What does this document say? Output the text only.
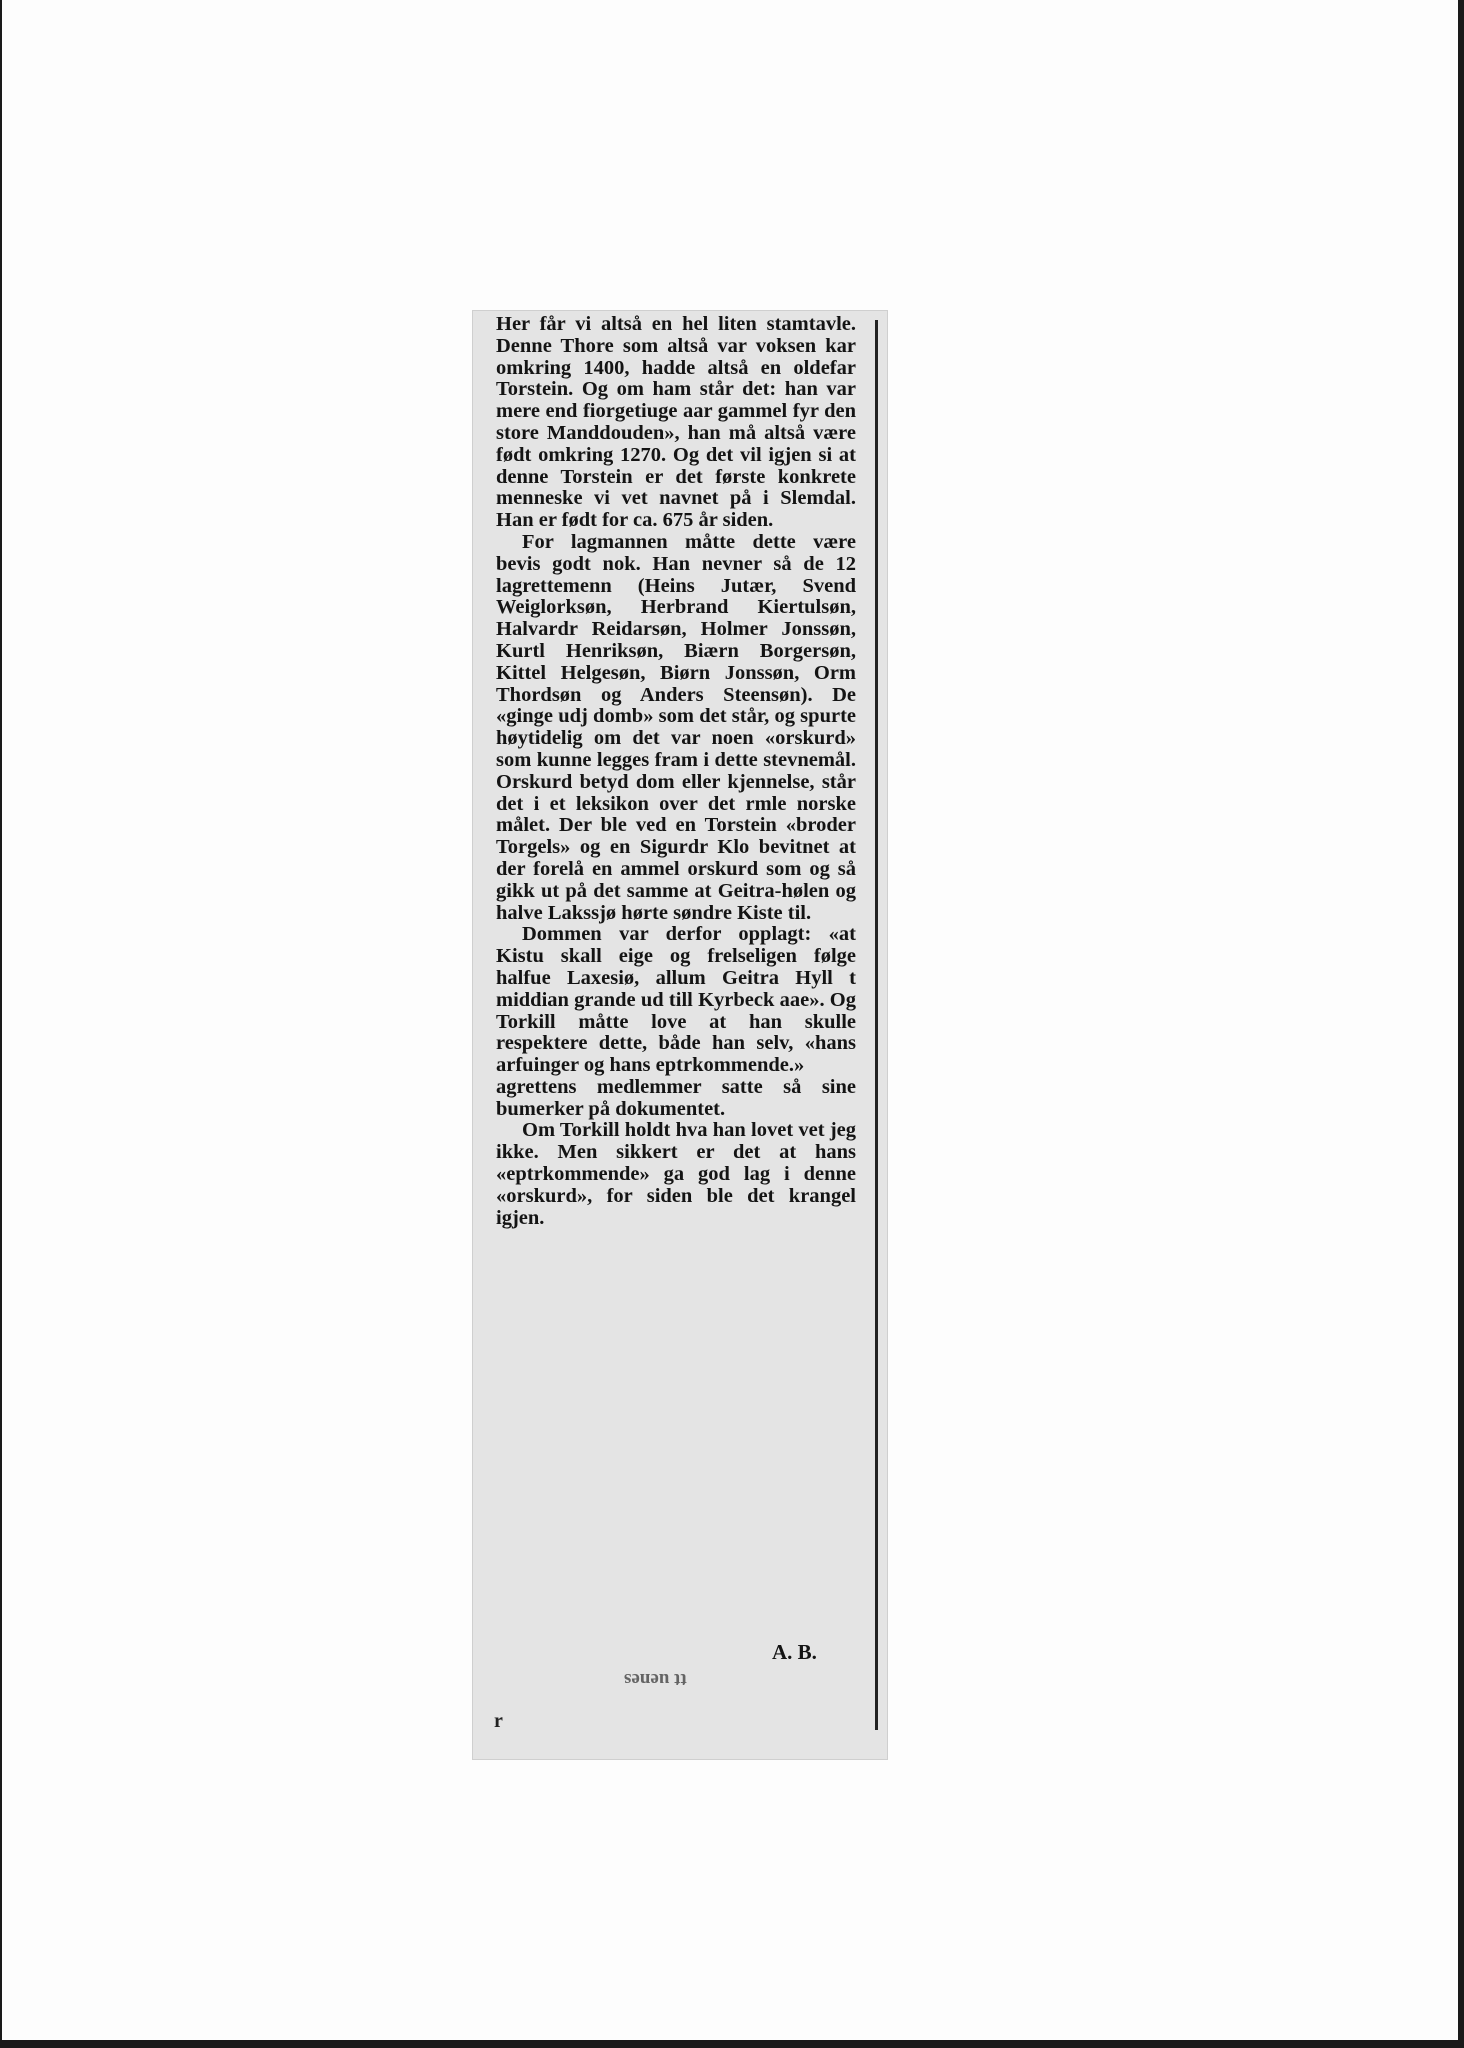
Her får vi altså en hel liten stamtavle. Denne Thore som altså var voksen kar omkring 1400, hadde altså en oldefar Torstein. Og om ham står det: han var mere end fiorgetiuge aar gammel fyr den store Manddouden», han må altså være født omkring 1270. Og det vil igjen si at denne Torstein er det første konkrete menneske vi vet navnet på i Slemdal. Han er født for ca. 675 år siden.

For lagmannen måtte dette være bevis godt nok. Han nevner så de 12 lagrettemenn (Heins Jutær, Svend Weiglorksøn, Herbrand Kiertulsøn, Halvardr Reidarsøn, Holmer Jonssøn, Kurtl Henriksøn, Biærn Borgersøn, Kittel Helgesøn, Biørn Jonssøn, Orm Thordsøn og Anders Steensøn). De «ginge udj domb» som det står, og spurte høytidelig om det var noen «orskurd» som kunne legges fram i dette stevnemål. Orskurd betyd dom eller kjennelse, står det i et leksikon over det rmle norske målet. Der ble ved en Torstein «broder Torgels» og en Sigurdr Klo bevitnet at der forelå en ammel orskurd som og så gikk ut på det samme at Geitra-hølen og halve Lakssjø hørte søndre Kiste til.

Dommen var derfor opplagt: «at Kistu skall eige og frelseligen følge halfue Laxesiø, allum Geitra Hyll t middian grande ud till Kyrbeck aae». Og Torkill måtte love at han skulle respektere dette, både han selv, «hans arfuinger og hans eptrkommende.»

agrettens medlemmer satte så sine bumerker på dokumentet.

Om Torkill holdt hva han lovet vet jeg ikke. Men sikkert er det at hans «eptrkommende» ga god lag i denne «orskurd», for siden ble det krangel igjen.

A. B.
tt uenes
r
